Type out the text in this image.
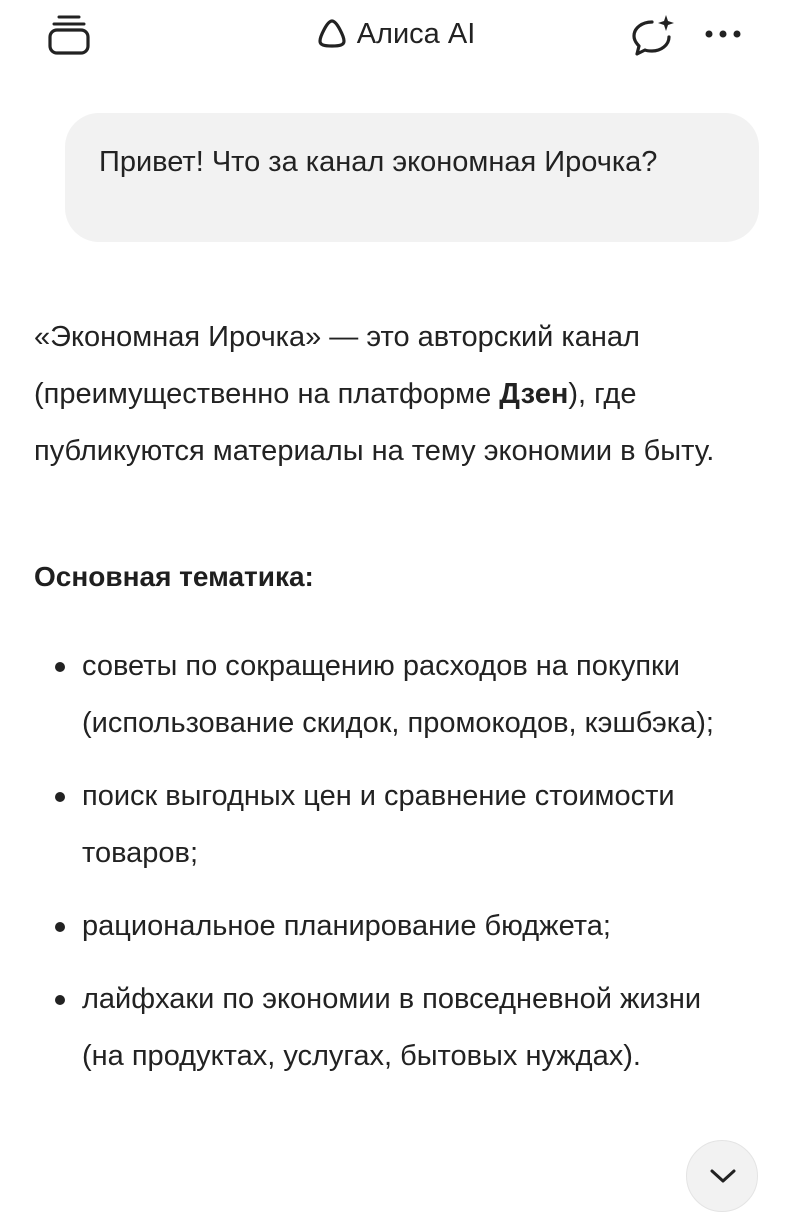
Алиса AI
Привет! Что за канал экономная Ирочка?

«Экономная Ирочка» — это авторский канал (преимущественно на платформе Дзен), где публикуются материалы на тему экономии в быту.

Основная тематика:
советы по сокращению расходов на покупки (использование скидок, промокодов, кэшбэка);
поиск выгодных цен и сравнение стоимости товаров;
рациональное планирование бюджета;
лайфхаки по экономии в повседневной жизни (на продуктах, услугах, бытовых нуждах).
